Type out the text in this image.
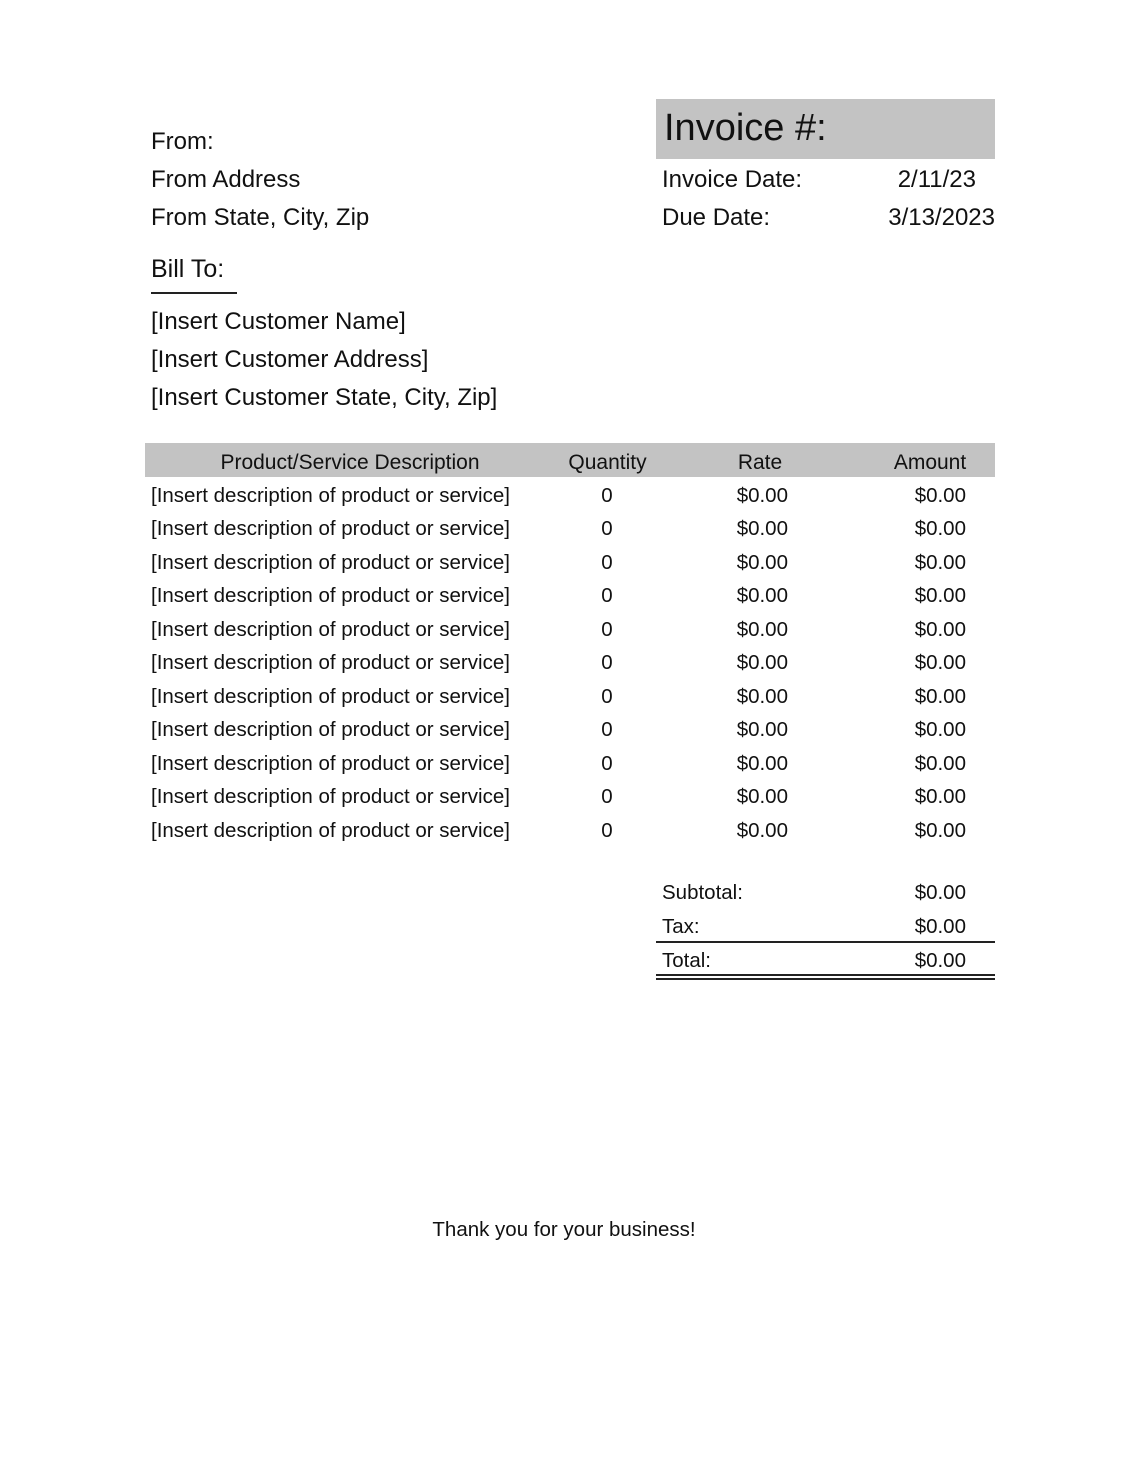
From:
From Address
From State, City, Zip
Invoice #:
Invoice Date:	2/11/23
Due Date:	3/13/2023
Bill To:
[Insert Customer Name]
[Insert Customer Address]
[Insert Customer State, City, Zip]
Product/Service Description	Quantity	Rate	Amount
[Insert description of product or service]	0	$0.00	$0.00
[Insert description of product or service]	0	$0.00	$0.00
[Insert description of product or service]	0	$0.00	$0.00
[Insert description of product or service]	0	$0.00	$0.00
[Insert description of product or service]	0	$0.00	$0.00
[Insert description of product or service]	0	$0.00	$0.00
[Insert description of product or service]	0	$0.00	$0.00
[Insert description of product or service]	0	$0.00	$0.00
[Insert description of product or service]	0	$0.00	$0.00
[Insert description of product or service]	0	$0.00	$0.00
[Insert description of product or service]	0	$0.00	$0.00
Subtotal:	$0.00
Tax:	$0.00
Total:	$0.00
Thank you for your business!
